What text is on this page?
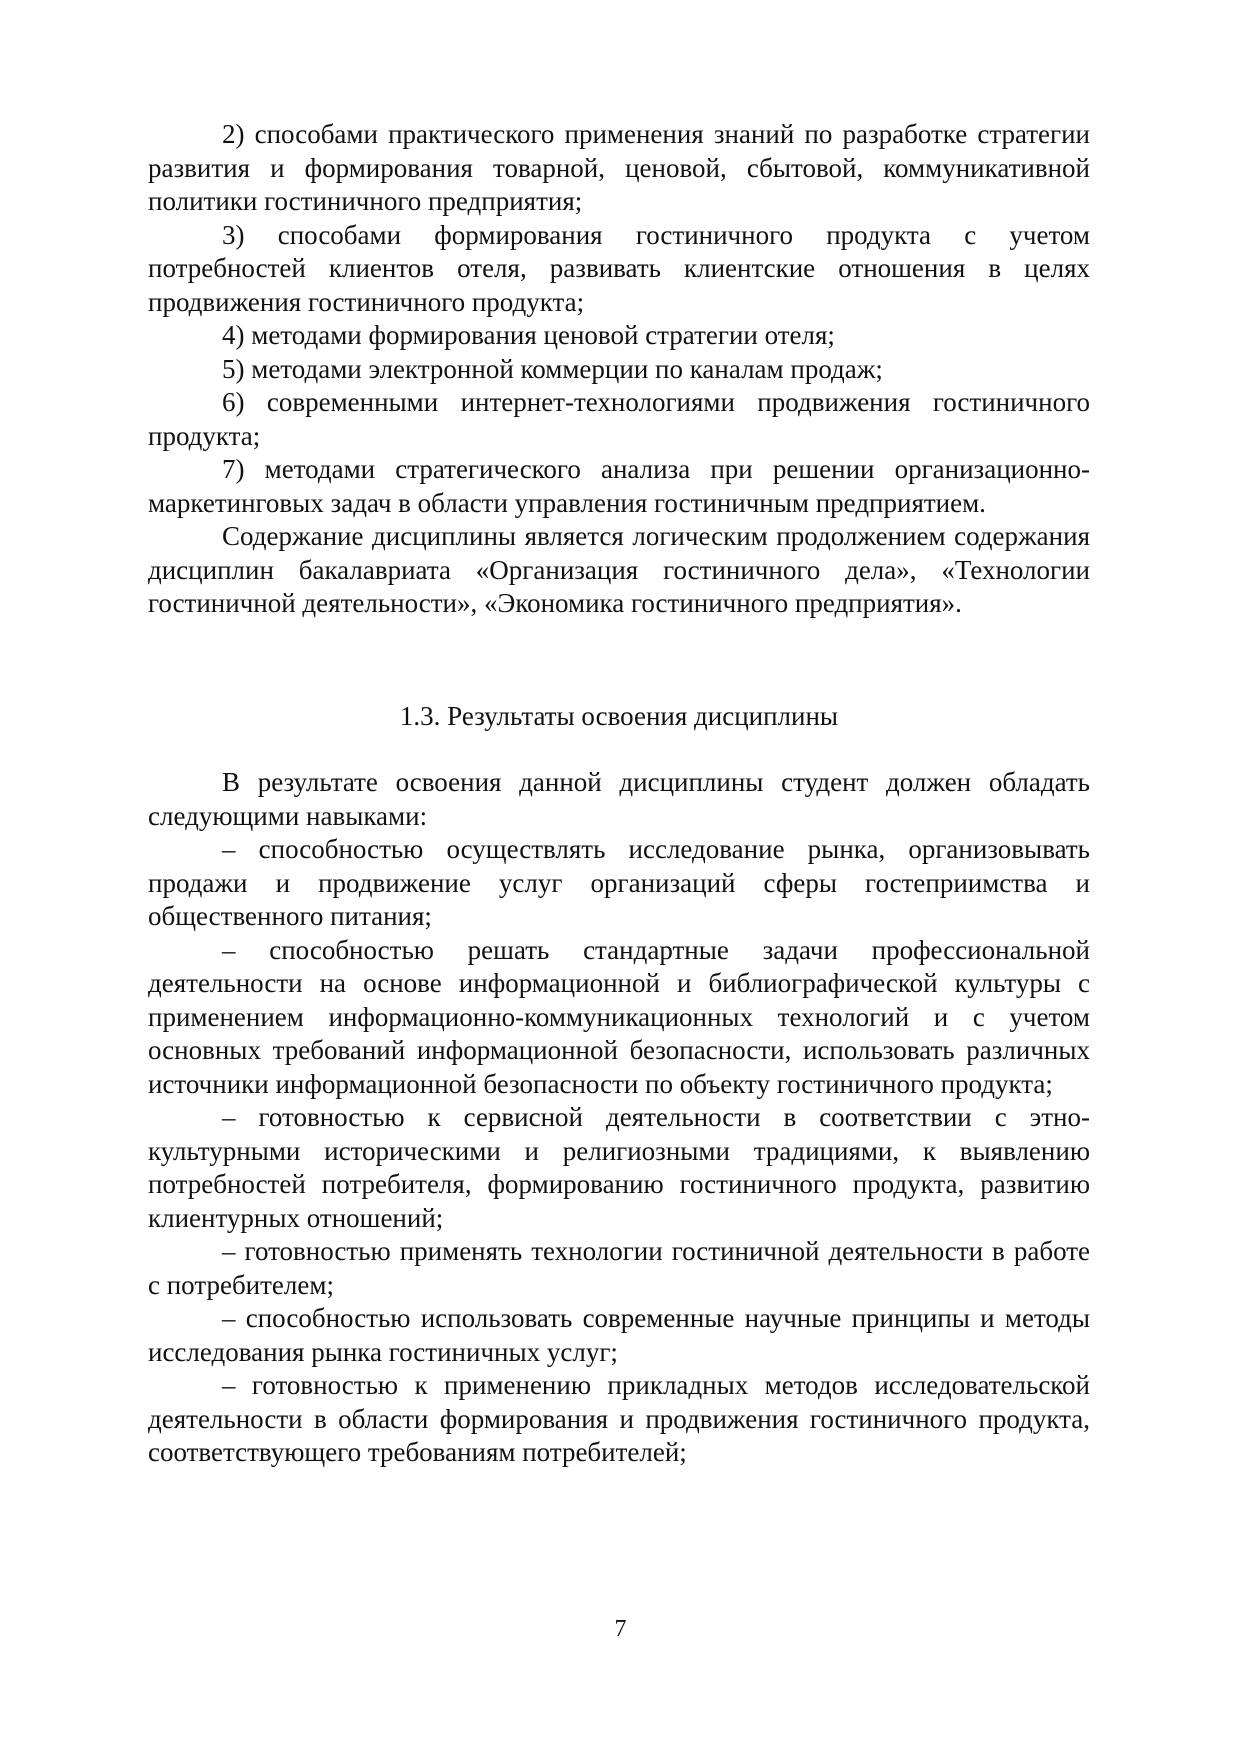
2) способами практического применения знаний по разработке стратегии развития и формирования товарной, ценовой, сбытовой, коммуникативной политики гостиничного предприятия;

3) способами формирования гостиничного продукта с учетом потребностей клиентов отеля, развивать клиентские отношения в целях продвижения гостиничного продукта;

4) методами формирования ценовой стратегии отеля;

5) методами электронной коммерции по каналам продаж;

6) современными интернет-технологиями продвижения гостиничного продукта;

7) методами стратегического анализа при решении организационно-маркетинговых задач в области управления гостиничным предприятием.

Содержание дисциплины является логическим продолжением содержания дисциплин бакалавриата «Организация гостиничного дела», «Технологии гостиничной деятельности», «Экономика гостиничного предприятия».

1.3. Результаты освоения дисциплины

В результате освоения данной дисциплины студент должен обладать следующими навыками:

– способностью осуществлять исследование рынка, организовывать продажи и продвижение услуг организаций сферы гостеприимства и общественного питания;

– способностью решать стандартные задачи профессиональной деятельности на основе информационной и библиографической культуры с применением информационно-коммуникационных технологий и с учетом основных требований информационной безопасности, использовать различных источники информационной безопасности по объекту гостиничного продукта;

– готовностью к сервисной деятельности в соответствии с этно-культурными историческими и религиозными традициями, к выявлению потребностей потребителя, формированию гостиничного продукта, развитию клиентурных отношений;

– готовностью применять технологии гостиничной деятельности в работе с потребителем;

– способностью использовать современные научные принципы и методы исследования рынка гостиничных услуг;

– готовностью к применению прикладных методов исследовательской деятельности в области формирования и продвижения гостиничного продукта, соответствующего требованиям потребителей;

7
